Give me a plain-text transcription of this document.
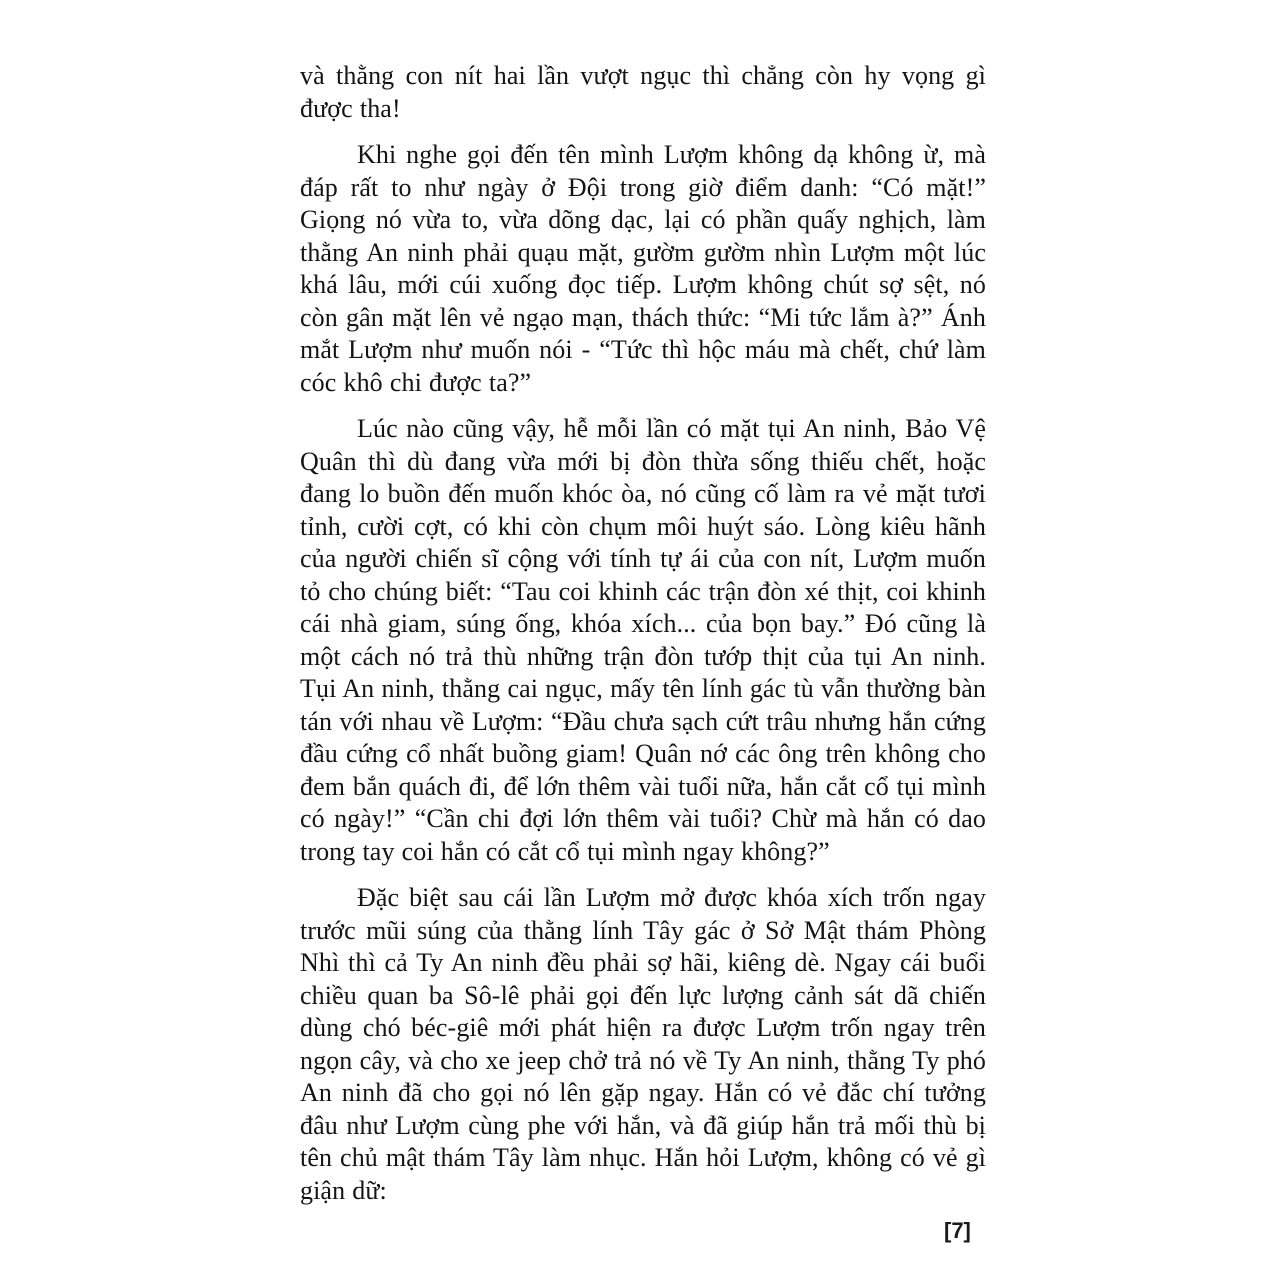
và thằng con nít hai lần vượt ngục thì chẳng còn hy vọng gì được tha!

Khi nghe gọi đến tên mình Lượm không dạ không ừ, mà đáp rất to như ngày ở Đội trong giờ điểm danh: “Có mặt!” Giọng nó vừa to, vừa dõng dạc, lại có phần quấy nghịch, làm thằng An ninh phải quạu mặt, gườm gườm nhìn Lượm một lúc khá lâu, mới cúi xuống đọc tiếp. Lượm không chút sợ sệt, nó còn gân mặt lên vẻ ngạo mạn, thách thức: “Mi tức lắm à?” Ánh mắt Lượm như muốn nói - “Tức thì hộc máu mà chết, chứ làm cóc khô chi được ta?”

Lúc nào cũng vậy, hễ mỗi lần có mặt tụi An ninh, Bảo Vệ Quân thì dù đang vừa mới bị đòn thừa sống thiếu chết, hoặc đang lo buồn đến muốn khóc òa, nó cũng cố làm ra vẻ mặt tươi tỉnh, cười cợt, có khi còn chụm môi huýt sáo. Lòng kiêu hãnh của người chiến sĩ cộng với tính tự ái của con nít, Lượm muốn tỏ cho chúng biết: “Tau coi khinh các trận đòn xé thịt, coi khinh cái nhà giam, súng ống, khóa xích... của bọn bay.” Đó cũng là một cách nó trả thù những trận đòn tướp thịt của tụi An ninh. Tụi An ninh, thằng cai ngục, mấy tên lính gác tù vẫn thường bàn tán với nhau về Lượm: “Đầu chưa sạch cứt trâu nhưng hắn cứng đầu cứng cổ nhất buồng giam! Quân nớ các ông trên không cho đem bắn quách đi, để lớn thêm vài tuổi nữa, hắn cắt cổ tụi mình có ngày!” “Cần chi đợi lớn thêm vài tuổi? Chừ mà hắn có dao trong tay coi hắn có cắt cổ tụi mình ngay không?”

Đặc biệt sau cái lần Lượm mở được khóa xích trốn ngay trước mũi súng của thằng lính Tây gác ở Sở Mật thám Phòng Nhì thì cả Ty An ninh đều phải sợ hãi, kiêng dè. Ngay cái buổi chiều quan ba Sô-lê phải gọi đến lực lượng cảnh sát dã chiến dùng chó béc-giê mới phát hiện ra được Lượm trốn ngay trên ngọn cây, và cho xe jeep chở trả nó về Ty An ninh, thằng Ty phó An ninh đã cho gọi nó lên gặp ngay. Hắn có vẻ đắc chí tưởng đâu như Lượm cùng phe với hắn, và đã giúp hắn trả mối thù bị tên chủ mật thám Tây làm nhục. Hắn hỏi Lượm, không có vẻ gì giận dữ:

[7]
